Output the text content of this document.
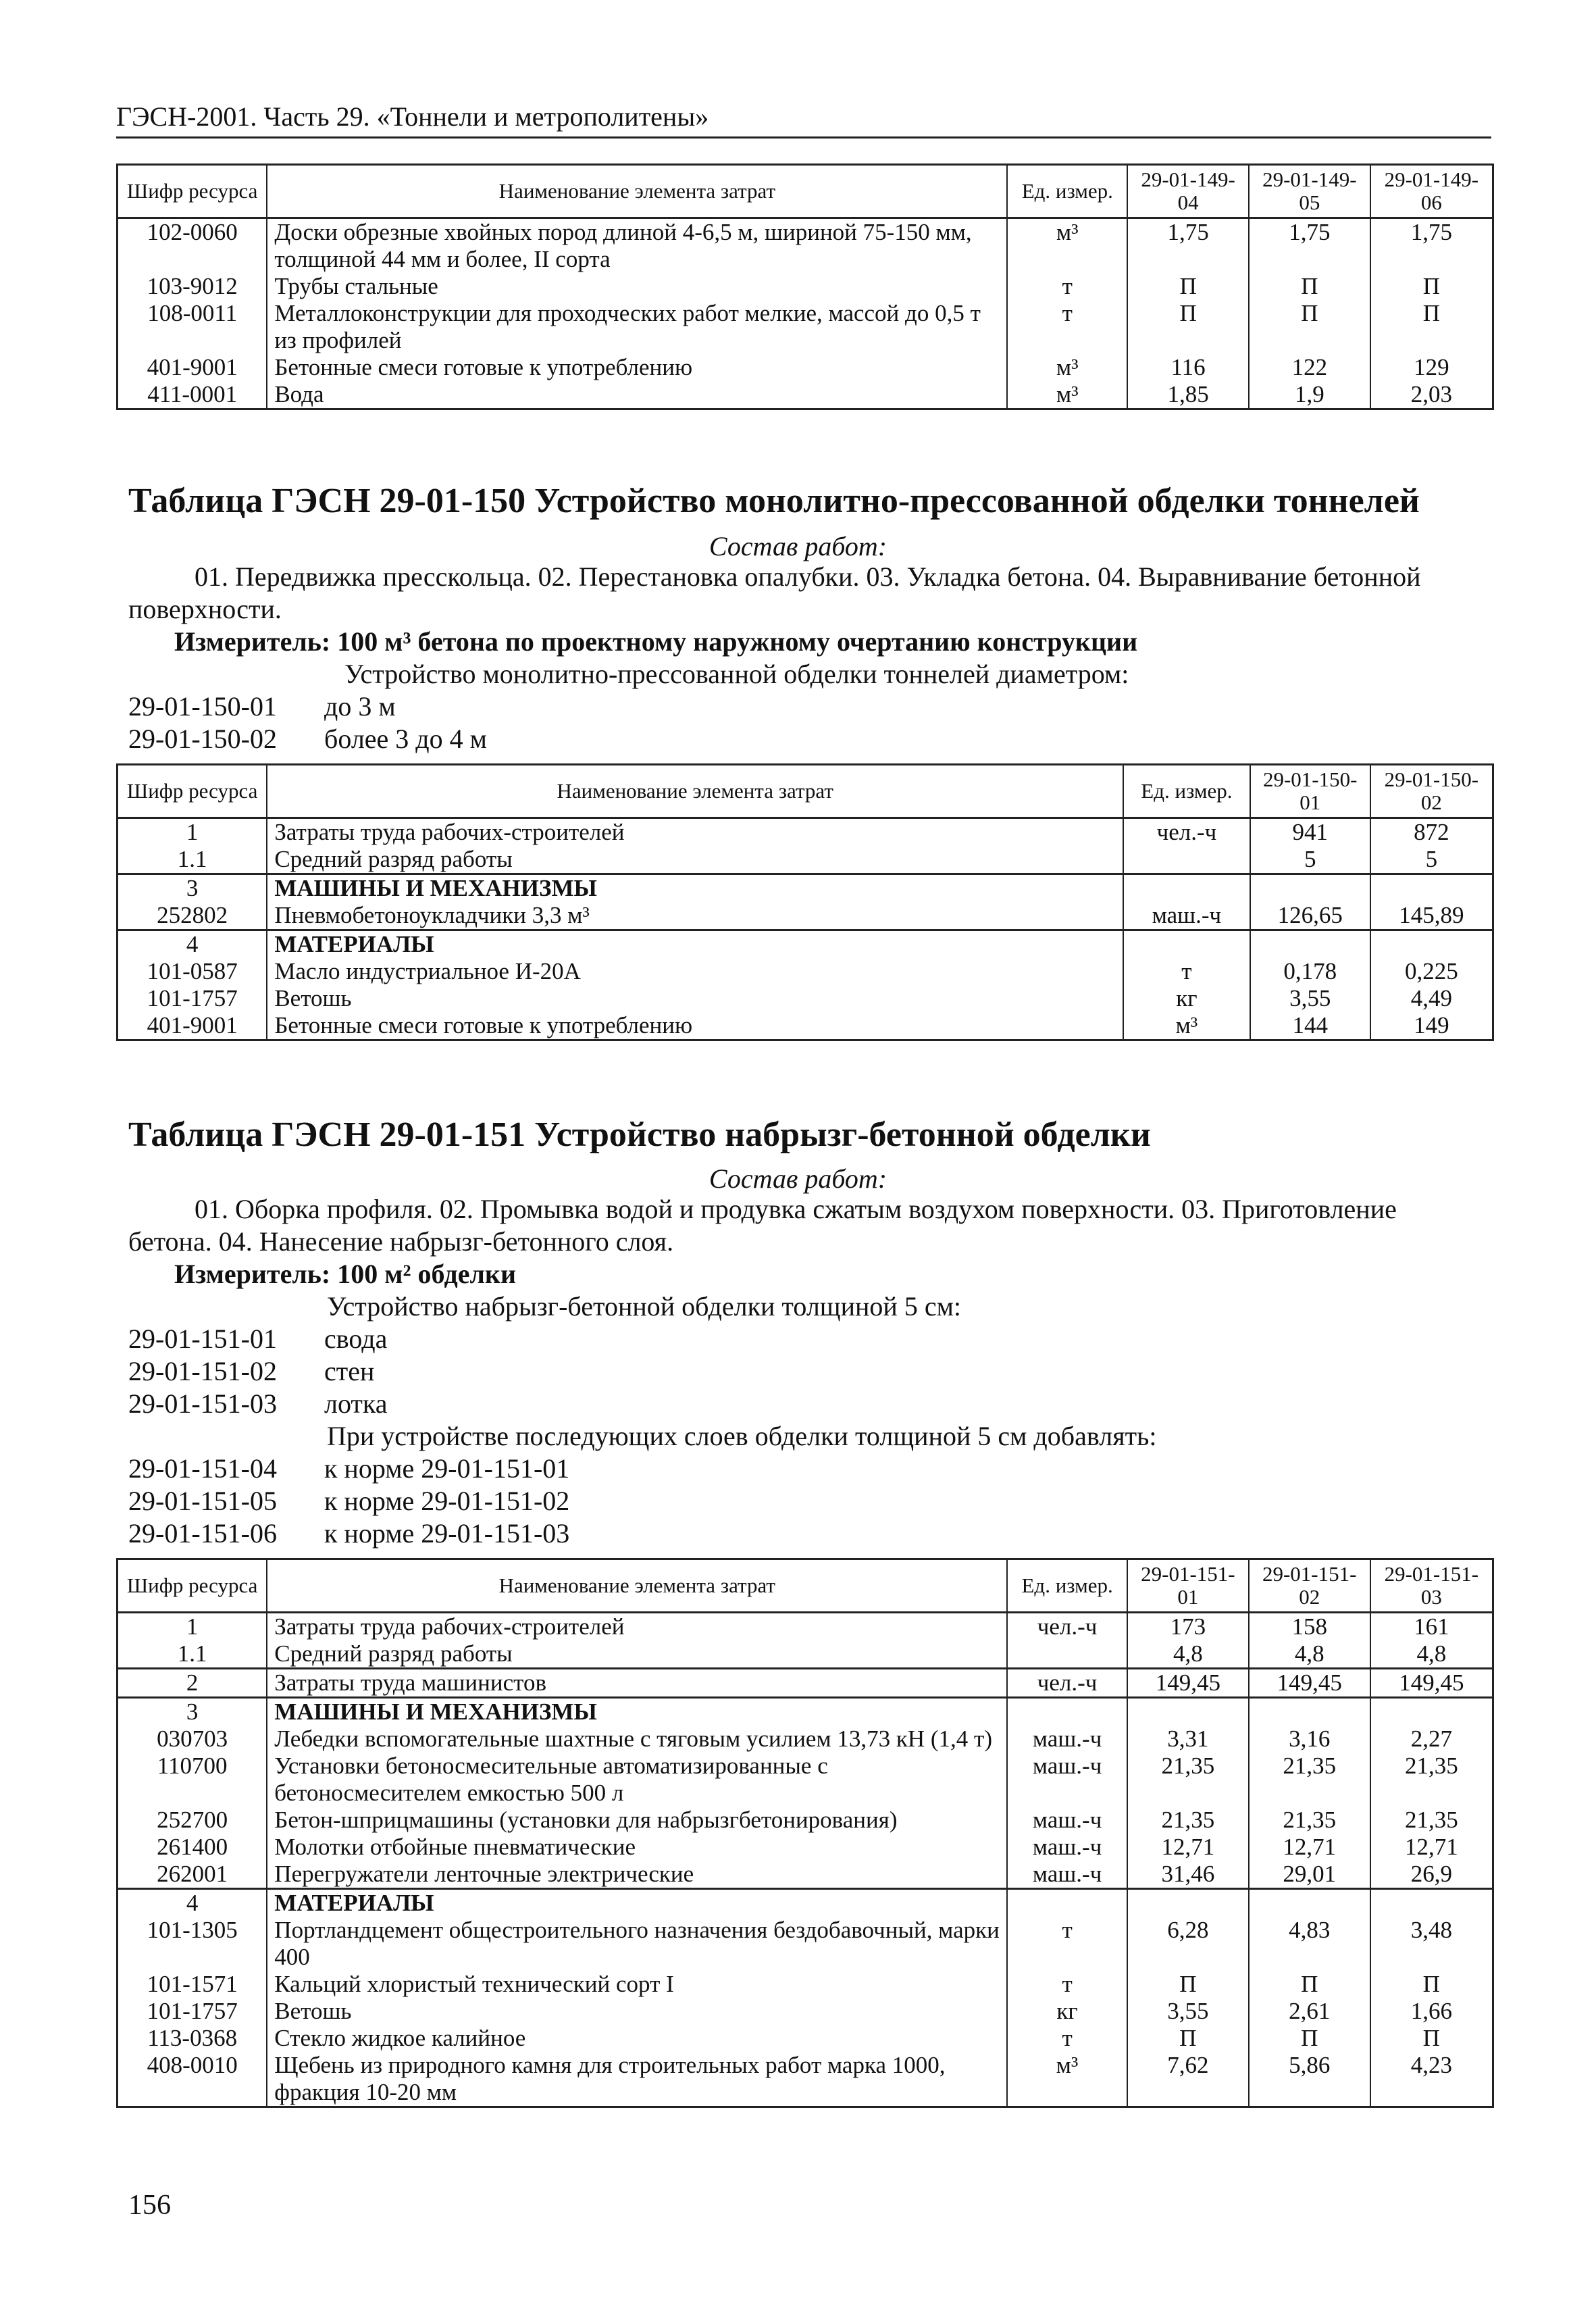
ГЭСН-2001. Часть 29. «Тоннели и метрополитены»
Шифр ресурса	Наименование элемента затрат	Ед. измер.	29-01-149-04	29-01-149-05	29-01-149-06
102-0060	Доски обрезные хвойных пород длиной 4-6,5 м, шириной 75-150 мм, толщиной 44 мм и более, II сорта	м³	1,75	1,75	1,75
103-9012	Трубы стальные	т	П	П	П
108-0011	Металлоконструкции для проходческих работ мелкие, массой до 0,5 т из профилей	т	П	П	П
401-9001	Бетонные смеси готовые к употреблению	м³	116	122	129
411-0001	Вода	м³	1,85	1,9	2,03
Таблица ГЭСН 29-01-150 Устройство монолитно-прессованной обделки тоннелей
Состав работ:
01. Передвижка пресскольца. 02. Перестановка опалубки. 03. Укладка бетона. 04. Выравнивание бетонной
поверхности.
Измеритель: 100 м³ бетона по проектному наружному очертанию конструкции
Устройство монолитно-прессованной обделки тоннелей диаметром:
29-01-150-01 до 3 м
29-01-150-02 более 3 до 4 м
Шифр ресурса	Наименование элемента затрат	Ед. измер.	29-01-150-01	29-01-150-02
1	Затраты труда рабочих-строителей	чел.-ч	941	872
1.1	Средний разряд работы		5	5
3	МАШИНЫ И МЕХАНИЗМЫ			
252802	Пневмобетоноукладчики 3,3 м³	маш.-ч	126,65	145,89
4	МАТЕРИАЛЫ			
101-0587	Масло индустриальное И-20А	т	0,178	0,225
101-1757	Ветошь	кг	3,55	4,49
401-9001	Бетонные смеси готовые к употреблению	м³	144	149
Таблица ГЭСН 29-01-151 Устройство набрызг-бетонной обделки
Состав работ:
01. Оборка профиля. 02. Промывка водой и продувка сжатым воздухом поверхности. 03. Приготовление
бетона. 04. Нанесение набрызг-бетонного слоя.
Измеритель: 100 м² обделки
Устройство набрызг-бетонной обделки толщиной 5 см:
29-01-151-01 свода
29-01-151-02 стен
29-01-151-03 лотка
При устройстве последующих слоев обделки толщиной 5 см добавлять:
29-01-151-04 к норме 29-01-151-01
29-01-151-05 к норме 29-01-151-02
29-01-151-06 к норме 29-01-151-03
Шифр ресурса	Наименование элемента затрат	Ед. измер.	29-01-151-01	29-01-151-02	29-01-151-03
1	Затраты труда рабочих-строителей	чел.-ч	173	158	161
1.1	Средний разряд работы		4,8	4,8	4,8
2	Затраты труда машинистов	чел.-ч	149,45	149,45	149,45
3	МАШИНЫ И МЕХАНИЗМЫ				
030703	Лебедки вспомогательные шахтные с тяговым усилием 13,73 кН (1,4 т)	маш.-ч	3,31	3,16	2,27
110700	Установки бетоносмесительные автоматизированные с бетоносмесителем емкостью 500 л	маш.-ч	21,35	21,35	21,35
252700	Бетон-шприцмашины (установки для набрызгбетонирования)	маш.-ч	21,35	21,35	21,35
261400	Молотки отбойные пневматические	маш.-ч	12,71	12,71	12,71
262001	Перегружатели ленточные электрические	маш.-ч	31,46	29,01	26,9
4	МАТЕРИАЛЫ				
101-1305	Портландцемент общестроительного назначения бездобавочный, марки 400	т	6,28	4,83	3,48
101-1571	Кальций хлористый технический сорт I	т	П	П	П
101-1757	Ветошь	кг	3,55	2,61	1,66
113-0368	Стекло жидкое калийное	т	П	П	П
408-0010	Щебень из природного камня для строительных работ марка 1000, фракция 10-20 мм	м³	7,62	5,86	4,23
156
